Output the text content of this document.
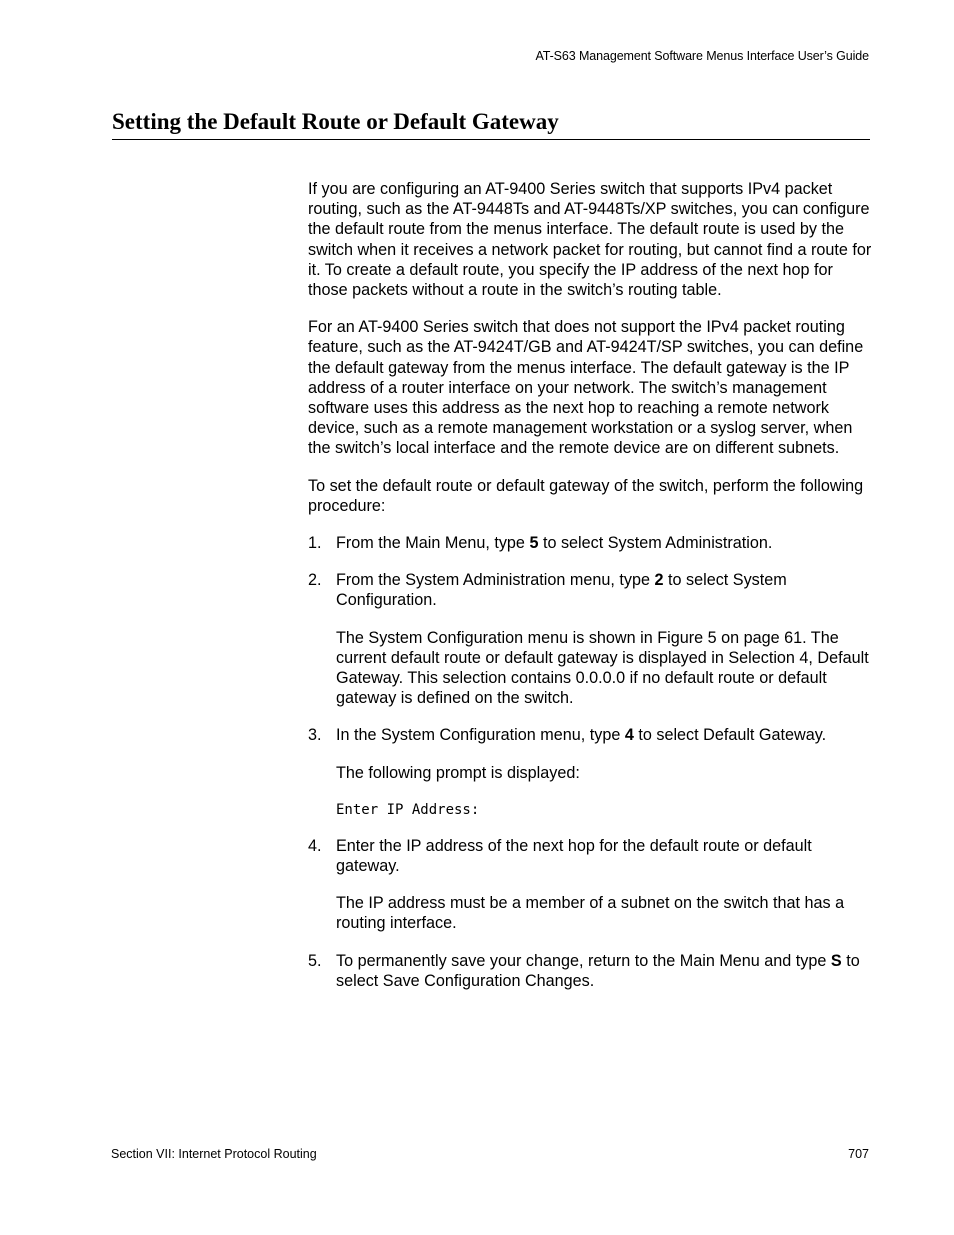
AT-S63 Management Software Menus Interface User’s Guide
Setting the Default Route or Default Gateway

If you are configuring an AT-9400 Series switch that supports IPv4 packet routing, such as the AT-9448Ts and AT-9448Ts/XP switches, you can configure the default route from the menus interface. The default route is used by the switch when it receives a network packet for routing, but cannot find a route for it. To create a default route, you specify the IP address of the next hop for those packets without a route in the switch’s routing table.

For an AT-9400 Series switch that does not support the IPv4 packet routing feature, such as the AT-9424T/GB and AT-9424T/SP switches, you can define the default gateway from the menus interface. The default gateway is the IP address of a router interface on your network. The switch’s management software uses this address as the next hop to reaching a remote network device, such as a remote management workstation or a syslog server, when the switch’s local interface and the remote device are on different subnets.

To set the default route or default gateway of the switch, perform the following procedure:

1. From the Main Menu, type 5 to select System Administration.
2. From the System Administration menu, type 2 to select System Configuration.
The System Configuration menu is shown in Figure 5 on page 61. The current default route or default gateway is displayed in Selection 4, Default Gateway. This selection contains 0.0.0.0 if no default route or default gateway is defined on the switch.
3. In the System Configuration menu, type 4 to select Default Gateway.
The following prompt is displayed:
Enter IP Address:
4. Enter the IP address of the next hop for the default route or default gateway.
The IP address must be a member of a subnet on the switch that has a routing interface.
5. To permanently save your change, return to the Main Menu and type S to select Save Configuration Changes.
Section VII: Internet Protocol Routing	707
